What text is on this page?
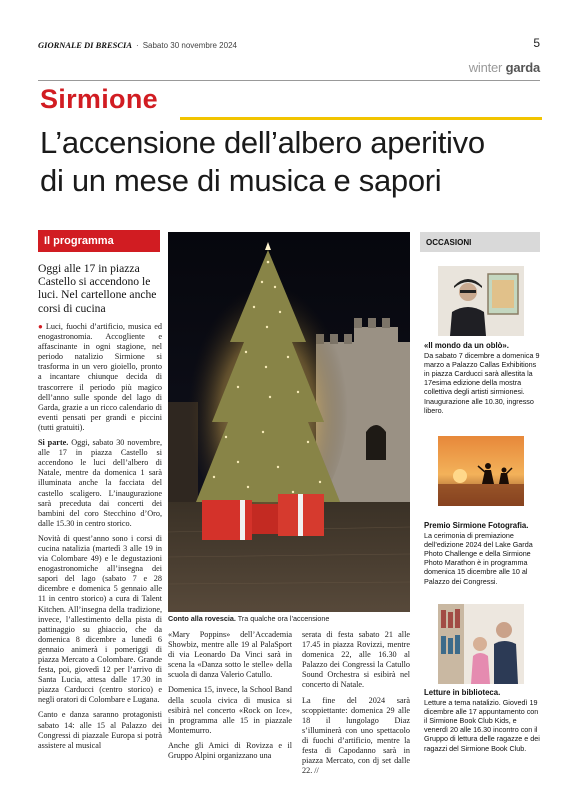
GIORNALE DI BRESCIA · Sabato 30 novembre 2024	5
winter garda
Sirmione
L’accensione dell’albero aperitivo
di un mese di musica e sapori
Il programma
Oggi alle 17 in piazza Castello si accendono le luci. Nel cartellone anche corsi di cucina

● Luci, fuochi d’artificio, musica ed enogastronomia. Accogliente e affascinante in ogni stagione, nel periodo natalizio Sirmione si trasforma in un vero gioiello, pronto a incantare chiunque decida di trascorrere il periodo più magico dell’anno sulle sponde del lago di Garda, grazie a un ricco calendario di eventi pensati per grandi e piccini (tutti gratuiti).

Si parte. Oggi, sabato 30 novembre, alle 17 in piazza Castello si accendono le luci dell’albero di Natale, mentre da domenica 1 sarà illuminata anche la facciata del castello scaligero. L’inaugurazione sarà preceduta dai concerti dei bambini del coro Stecchino d’Oro, dalle 15.30 in centro storico.

Novità di quest’anno sono i corsi di cucina natalizia (martedì 3 alle 19 in via Colombare 49) e le degustazioni enogastronomiche all’insegna dei sapori del lago (sabato 7 e 28 dicembre e domenica 5 gennaio alle 11 in centro storico) a cura di Talent Kitchen. All’insegna della tradizione, invece, l’allestimento della pista di pattinaggio su ghiaccio, che da domenica 8 dicembre a lunedì 6 gennaio animerà i pomeriggi di piazza Mercato a Colombare. Grande festa, poi, giovedì 12 per l’arrivo di Santa Lucia, attesa dalle 17.30 in piazza Carducci (centro storico) e negli oratori di Colombare e Lugana.

Canto e danza saranno protagonisti sabato 14: alle 15 al Palazzo dei Congressi di piazzale Europa si potrà assistere al musical

Conto alla rovescia. Tra qualche ora l’accensione

«Mary Poppins» dell’Accademia Showbiz, mentre alle 19 al PalaSport di via Leonardo Da Vinci sarà in scena la «Danza sotto le stelle» della scuola di danza Valerio Catullo.

Domenica 15, invece, la School Band della scuola civica di musica si esibirà nel concerto «Rock on Ice», in programma alle 15 in piazzale Montemurro.

Anche gli Amici di Rovizza e il Gruppo Alpini organizzano una

serata di festa sabato 21 alle 17.45 in piazza Rovizzi, mentre domenica 22, alle 16.30 al Palazzo dei Congressi la Catullo Sound Orchestra si esibirà nel concerto di Natale.

La fine del 2024 sarà scoppiettante: domenica 29 alle 18 il lungolago Diaz s’illuminerà con uno spettacolo di fuochi d’artificio, mentre la festa di Capodanno sarà in piazza Mercato, con dj set dalle 22. //

OCCASIONI
«Il mondo da un oblò».
Da sabato 7 dicembre a domenica 9 marzo a Palazzo Callas Exhibitions in piazza Carducci sarà allestita la 17esima edizione della mostra collettiva degli artisti sirmionesi. Inaugurazione alle 10.30, ingresso libero.
Premio Sirmione Fotografia.
La cerimonia di premiazione dell’edizione 2024 del Lake Garda Photo Challenge e della Sirmione Photo Marathon è in programma domenica 15 dicembre alle 10 al Palazzo dei Congressi.
Letture in biblioteca.
Letture a tema natalizio. Giovedì 19 dicembre alle 17 appuntamento con il Sirmione Book Club Kids, e venerdì 20 alle 16.30 incontro con il Gruppo di lettura delle ragazze e dei ragazzi del Sirmione Book Club.
